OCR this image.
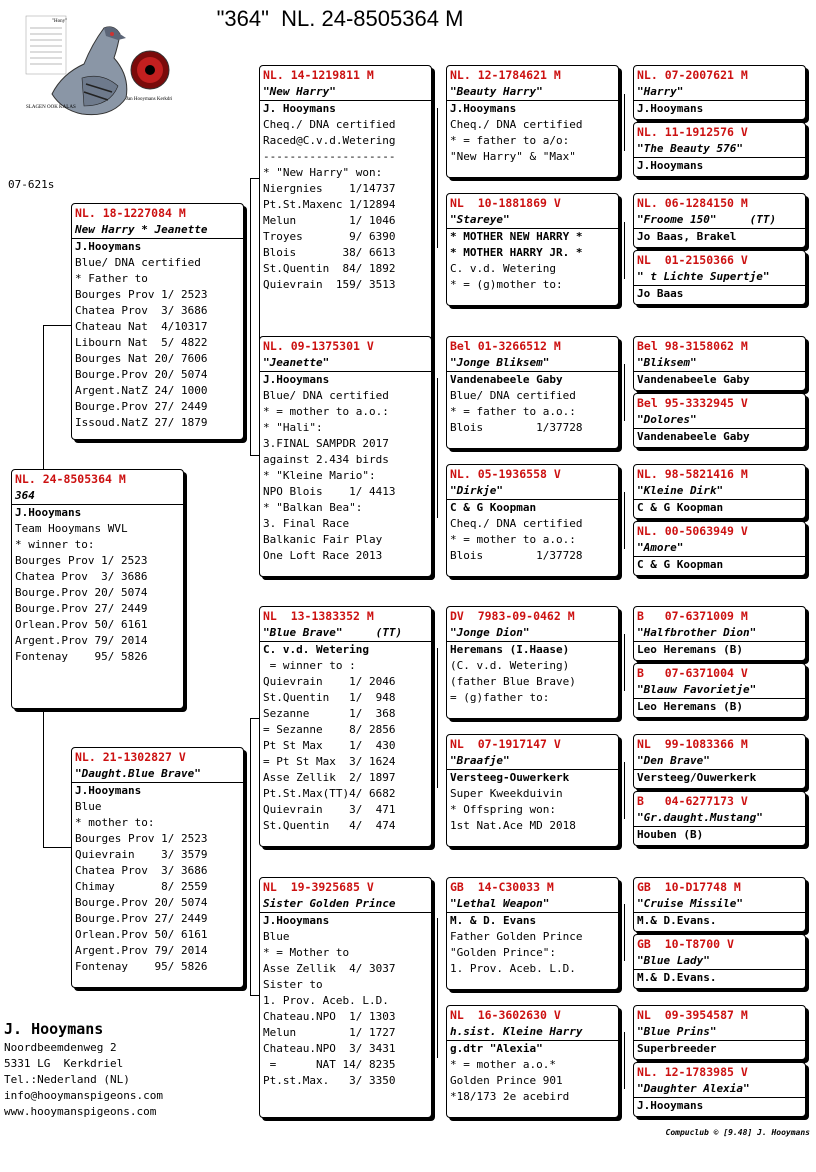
"364"  NL. 24-8505364 M
07-621s
"Hony"
SLAGEN OOK KALAS
Jan Hooymans Kerkdriel
NL. 24-8505364 M
364
J.Hooymans
Team Hooymans WVL
* winner to:
Bourges Prov 1/ 2523
Chatea Prov  3/ 3686
Bourge.Prov 20/ 5074
Bourge.Prov 27/ 2449
Orlean.Prov 50/ 6161
Argent.Prov 79/ 2014
Fontenay    95/ 5826
NL. 18-1227084 M
New Harry * Jeanette
J.Hooymans
Blue/ DNA certified
* Father to
Bourges Prov 1/ 2523
Chatea Prov  3/ 3686
Chateau Nat  4/10317
Libourn Nat  5/ 4822
Bourges Nat 20/ 7606
Bourge.Prov 20/ 5074
Argent.NatZ 24/ 1000
Bourge.Prov 27/ 2449
Issoud.NatZ 27/ 1879
NL. 21-1302827 V
"Daught.Blue Brave"
J.Hooymans
Blue
* mother to:
Bourges Prov 1/ 2523
Quievrain    3/ 3579
Chatea Prov  3/ 3686
Chimay       8/ 2559
Bourge.Prov 20/ 5074
Bourge.Prov 27/ 2449
Orlean.Prov 50/ 6161
Argent.Prov 79/ 2014
Fontenay    95/ 5826
NL. 14-1219811 M
"New Harry"
J. Hooymans
Cheq./ DNA certified
Raced@C.v.d.Wetering
--------------------
* "New Harry" won:
Niergnies    1/14737
Pt.St.Maxenc 1/12894
Melun        1/ 1046
Troyes       9/ 6390
Blois       38/ 6613
St.Quentin  84/ 1892
Quievrain  159/ 3513
NL. 09-1375301 V
"Jeanette"
J.Hooymans
Blue/ DNA certified
* = mother to a.o.:
* "Hali":
3.FINAL SAMPDR 2017
against 2.434 birds
* "Kleine Mario":
NPO Blois    1/ 4413
* "Balkan Bea":
3. Final Race
Balkanic Fair Play
One Loft Race 2013
NL  13-1383352 M
"Blue Brave"     (TT)
C. v.d. Wetering
= winner to :
Quievrain    1/ 2046
St.Quentin   1/  948
Sezanne      1/  368
= Sezanne    8/ 2856
Pt St Max    1/  430
= Pt St Max  3/ 1624
Asse Zellik  2/ 1897
Pt.St.Max(TT)4/ 6682
Quievrain    3/  471
St.Quentin   4/  474
NL  19-3925685 V
Sister Golden Prince
J.Hooymans
Blue
* = Mother to
Asse Zellik  4/ 3037
Sister to
1. Prov. Aceb. L.D.
Chateau.NPO  1/ 1303
Melun        1/ 1727
Chateau.NPO  3/ 3431
=      NAT 14/ 8235
Pt.st.Max.   3/ 3350
NL. 12-1784621 M
"Beauty Harry"
J.Hooymans
Cheq./ DNA certified
* = father to a/o:
"New Harry" & "Max"
NL  10-1881869 V
"Stareye"
* MOTHER NEW HARRY *
* MOTHER HARRY JR. *
C. v.d. Wetering
* = (g)mother to:
Bel 01-3266512 M
"Jonge Bliksem"
Vandenabeele Gaby
Blue/ DNA certified
* = father to a.o.:
Blois        1/37728
NL. 05-1936558 V
"Dirkje"
C & G Koopman
Cheq./ DNA certified
* = mother to a.o.:
Blois        1/37728
DV  7983-09-0462 M
"Jonge Dion"
Heremans (I.Haase)
(C. v.d. Wetering)
(father Blue Brave)
= (g)father to:
NL  07-1917147 V
"Braafje"
Versteeg-Ouwerkerk
Super Kweekduivin
* Offspring won:
1st Nat.Ace MD 2018
GB  14-C30033 M
"Lethal Weapon"
M. & D. Evans
Father Golden Prince
"Golden Prince":
1. Prov. Aceb. L.D.
NL  16-3602630 V
h.sist. Kleine Harry
g.dtr "Alexia"
* = mother a.o.*
Golden Prince 901
*18/173 2e acebird
NL. 07-2007621 M
"Harry"
J.Hooymans
NL. 11-1912576 V
"The Beauty 576"
J.Hooymans
NL. 06-1284150 M
"Froome 150"     (TT)
Jo Baas, Brakel
NL  01-2150366 V
" t Lichte Supertje"
Jo Baas
Bel 98-3158062 M
"Bliksem"
Vandenabeele Gaby
Bel 95-3332945 V
"Dolores"
Vandenabeele Gaby
NL. 98-5821416 M
"Kleine Dirk"
C & G Koopman
NL. 00-5063949 V
"Amore"
C & G Koopman
B   07-6371009 M
"Halfbrother Dion"
Leo Heremans (B)
B   07-6371004 V
"Blauw Favorietje"
Leo Heremans (B)
NL  99-1083366 M
"Den Brave"
Versteeg/Ouwerkerk
B   04-6277173 V
"Gr.daught.Mustang"
Houben (B)
GB  10-D17748 M
"Cruise Missile"
M.& D.Evans.
GB  10-T8700 V
"Blue Lady"
M.& D.Evans.
NL  09-3954587 M
"Blue Prins"
Superbreeder
NL. 12-1783985 V
"Daughter Alexia"
J.Hooymans
J. Hooymans
Noordbeemdenweg 2
5331 LG  Kerkdriel
Tel.:Nederland (NL)
info@hooymanspigeons.com
www.hooymanspigeons.com
Compuclub © [9.48] J. Hooymans
